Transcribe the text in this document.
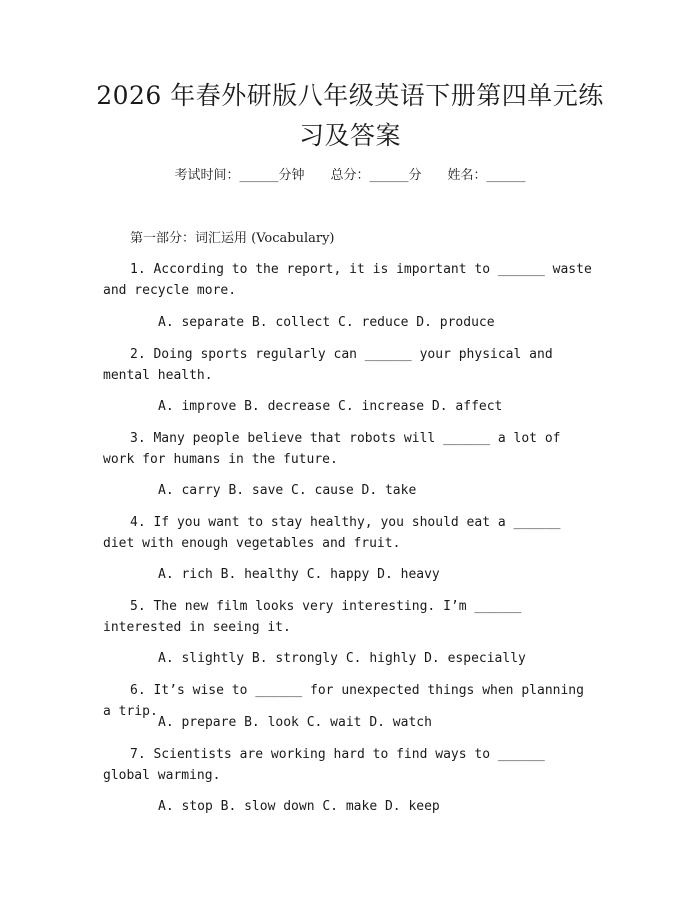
2026 年春外研版八年级英语下册第四单元练
习及答案
考试时间：______分钟 总分：______分 姓名：______
第一部分：词汇运用 (Vocabulary)

1. According to the report, it is important to ______ waste and recycle more.

A. separate B. collect C. reduce D. produce

2. Doing sports regularly can ______ your physical and mental health.

A. improve B. decrease C. increase D. affect

3. Many people believe that robots will ______ a lot of work for humans in the future.

A. carry B. save C. cause D. take

4. If you want to stay healthy, you should eat a ______ diet with enough vegetables and fruit.

A. rich B. healthy C. happy D. heavy

5. The new film looks very interesting. I’m ______ interested in seeing it.

A. slightly B. strongly C. highly D. especially

6. It’s wise to ______ for unexpected things when planning a trip.

A. prepare B. look C. wait D. watch

7. Scientists are working hard to find ways to ______ global warming.

A. stop B. slow down C. make D. keep
